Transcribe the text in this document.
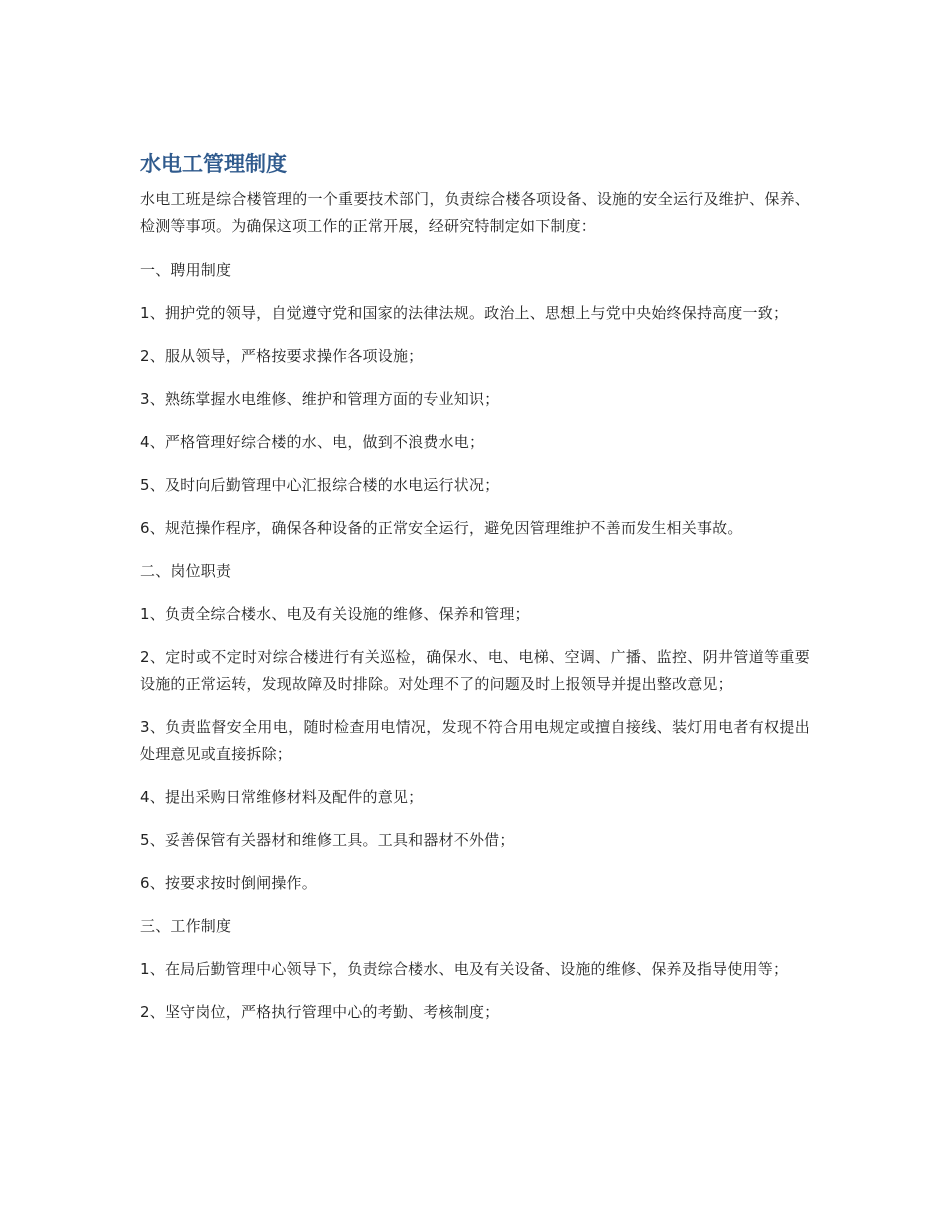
水电工管理制度

水电工班是综合楼管理的一个重要技术部门，负责综合楼各项设备、设施的安全运行及维护、保养、检测等事项。为确保这项工作的正常开展，经研究特制定如下制度：

一、聘用制度

1、拥护党的领导，自觉遵守党和国家的法律法规。政治上、思想上与党中央始终保持高度一致；

2、服从领导，严格按要求操作各项设施；

3、熟练掌握水电维修、维护和管理方面的专业知识；

4、严格管理好综合楼的水、电，做到不浪费水电；

5、及时向后勤管理中心汇报综合楼的水电运行状况；

6、规范操作程序，确保各种设备的正常安全运行，避免因管理维护不善而发生相关事故。

二、岗位职责

1、负责全综合楼水、电及有关设施的维修、保养和管理；

2、定时或不定时对综合楼进行有关巡检，确保水、电、电梯、空调、广播、监控、阴井管道等重要设施的正常运转，发现故障及时排除。对处理不了的问题及时上报领导并提出整改意见；

3、负责监督安全用电，随时检查用电情况，发现不符合用电规定或擅自接线、装灯用电者有权提出处理意见或直接拆除；

4、提出采购日常维修材料及配件的意见；

5、妥善保管有关器材和维修工具。工具和器材不外借；

6、按要求按时倒闸操作。

三、工作制度

1、在局后勤管理中心领导下，负责综合楼水、电及有关设备、设施的维修、保养及指导使用等；

2、坚守岗位，严格执行管理中心的考勤、考核制度；
